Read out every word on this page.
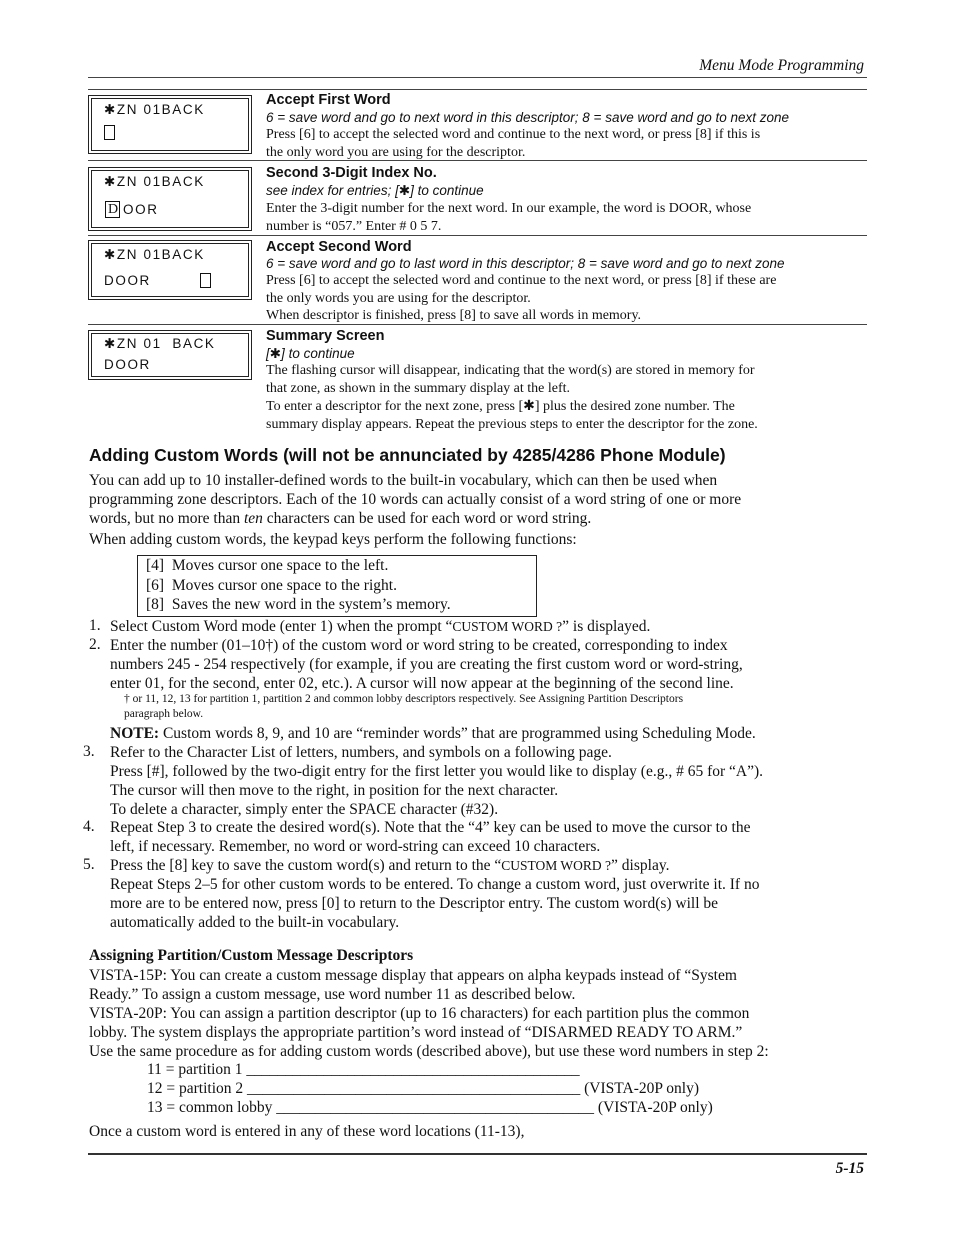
Menu Mode Programming
✱ZN 01BACK
Accept First Word
6 = save word and go to next word in this descriptor; 8 = save word and go to next zone
Press [6] to accept the selected word and continue to the next word, or press [8] if this is
the only word you are using for the descriptor.
✱ZN 01BACK
D OOR
Second 3-Digit Index No.
see index for entries; [✱] to continue
Enter the 3-digit number for the next word. In our example, the word is DOOR, whose
number is “057.” Enter # 0 5 7.
✱ZN 01BACK
DOOR
Accept Second Word
6 = save word and go to last word in this descriptor; 8 = save word and go to next zone
Press [6] to accept the selected word and continue to the next word, or press [8] if these are
the only words you are using for the descriptor.
When descriptor is finished, press [8] to save all words in memory.
✱ZN 01  BACK
DOOR
Summary Screen
[✱] to continue
The flashing cursor will disappear, indicating that the word(s) are stored in memory for
that zone, as shown in the summary display at the left.
To enter a descriptor for the next zone, press [✱] plus the desired zone number. The
summary display appears. Repeat the previous steps to enter the descriptor for the zone.
Adding Custom Words (will not be annunciated by 4285/4286 Phone Module)
You can add up to 10 installer-defined words to the built-in vocabulary, which can then be used when
programming zone descriptors. Each of the 10 words can actually consist of a word string of one or more
words, but no more than ten characters can be used for each word or word string.
When adding custom words, the keypad keys perform the following functions:
[4]  Moves cursor one space to the left.
[6]  Moves cursor one space to the right.
[8]  Saves the new word in the system’s memory.
1. Select Custom Word mode (enter 1) when the prompt “CUSTOM WORD ?” is displayed.
2. Enter the number (01–10†) of the custom word or word string to be created, corresponding to index
numbers 245 - 254 respectively (for example, if you are creating the first custom word or word-string,
enter 01, for the second, enter 02, etc.). A cursor will now appear at the beginning of the second line.
† or 11, 12, 13 for partition 1, partition 2 and common lobby descriptors respectively. See Assigning Partition Descriptors
paragraph below.
NOTE: Custom words 8, 9, and 10 are “reminder words” that are programmed using Scheduling Mode.
3. Refer to the Character List of letters, numbers, and symbols on a following page.
Press [#], followed by the two-digit entry for the first letter you would like to display (e.g., # 65 for “A”).
The cursor will then move to the right, in position for the next character.
To delete a character, simply enter the SPACE character (#32).
4. Repeat Step 3 to create the desired word(s). Note that the “4” key can be used to move the cursor to the
left, if necessary. Remember, no word or word-string can exceed 10 characters.
5. Press the [8] key to save the custom word(s) and return to the “CUSTOM WORD ?” display.
Repeat Steps 2–5 for other custom words to be entered. To change a custom word, just overwrite it. If no
more are to be entered now, press [0] to return to the Descriptor entry. The custom word(s) will be
automatically added to the built-in vocabulary.
Assigning Partition/Custom Message Descriptors
VISTA-15P: You can create a custom message display that appears on alpha keypads instead of “System
Ready.” To assign a custom message, use word number 11 as described below.
VISTA-20P: You can assign a partition descriptor (up to 16 characters) for each partition plus the common
lobby. The system displays the appropriate partition’s word instead of “DISARMED READY TO ARM.”
Use the same procedure as for adding custom words (described above), but use these word numbers in step 2:
11 = partition 1 ___________________________________________
12 = partition 2 ___________________________________________ (VISTA-20P only)
13 = common lobby _________________________________________ (VISTA-20P only)
Once a custom word is entered in any of these word locations (11-13),
5-15
